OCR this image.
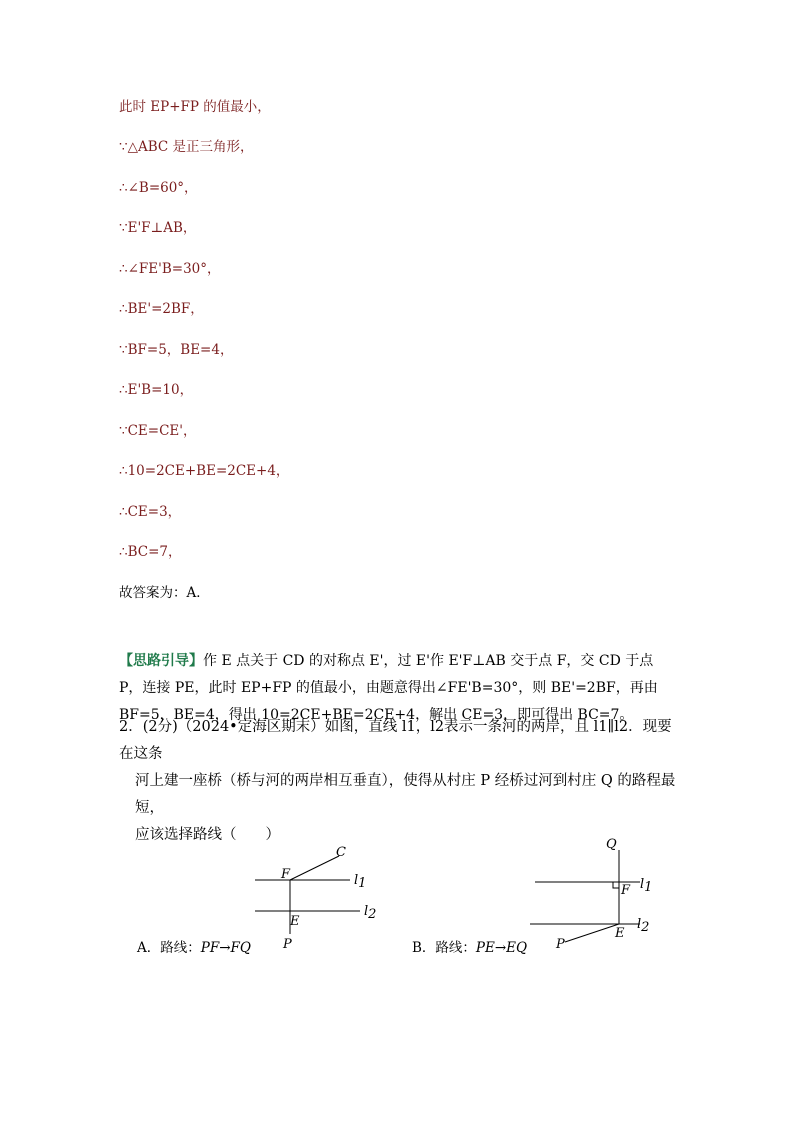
此时 EP+FP 的值最小，
∵△ABC 是正三角形，
∴∠B=60°，
∵E'F⊥AB，
∴∠FE'B=30°，
∴BE'=2BF，
∵BF=5，BE=4，
∴E'B=10，
∵CE=CE'，
∴10=2CE+BE=2CE+4，
∴CE=3，
∴BC=7，
故答案为：A．
【思路引导】作 E 点关于 CD 的对称点 E'，过 E'作 E'F⊥AB 交于点 F，交 CD 于点 P，连接 PE，此时 EP+FP 的值最小，由题意得出∠FE'B=30°，则 BE'=2BF，再由 BF=5，BE=4，得出 10=2CE+BE=2CE+4，解出 CE=3，即可得出 BC=7。
2．(2分)（2024•定海区期末）如图，直线 l1，l2表示一条河的两岸，且 l1∥l2．现要在这条
河上建一座桥（桥与河的两岸相互垂直），使得从村庄 P 经桥过河到村庄 Q 的路程最短，
应该选择路线（　　）
C
F
E
P
l1
l2
A．路线：PF→FQ
Q
F
E
P
l1
l2
B．路线：PE→EQ
